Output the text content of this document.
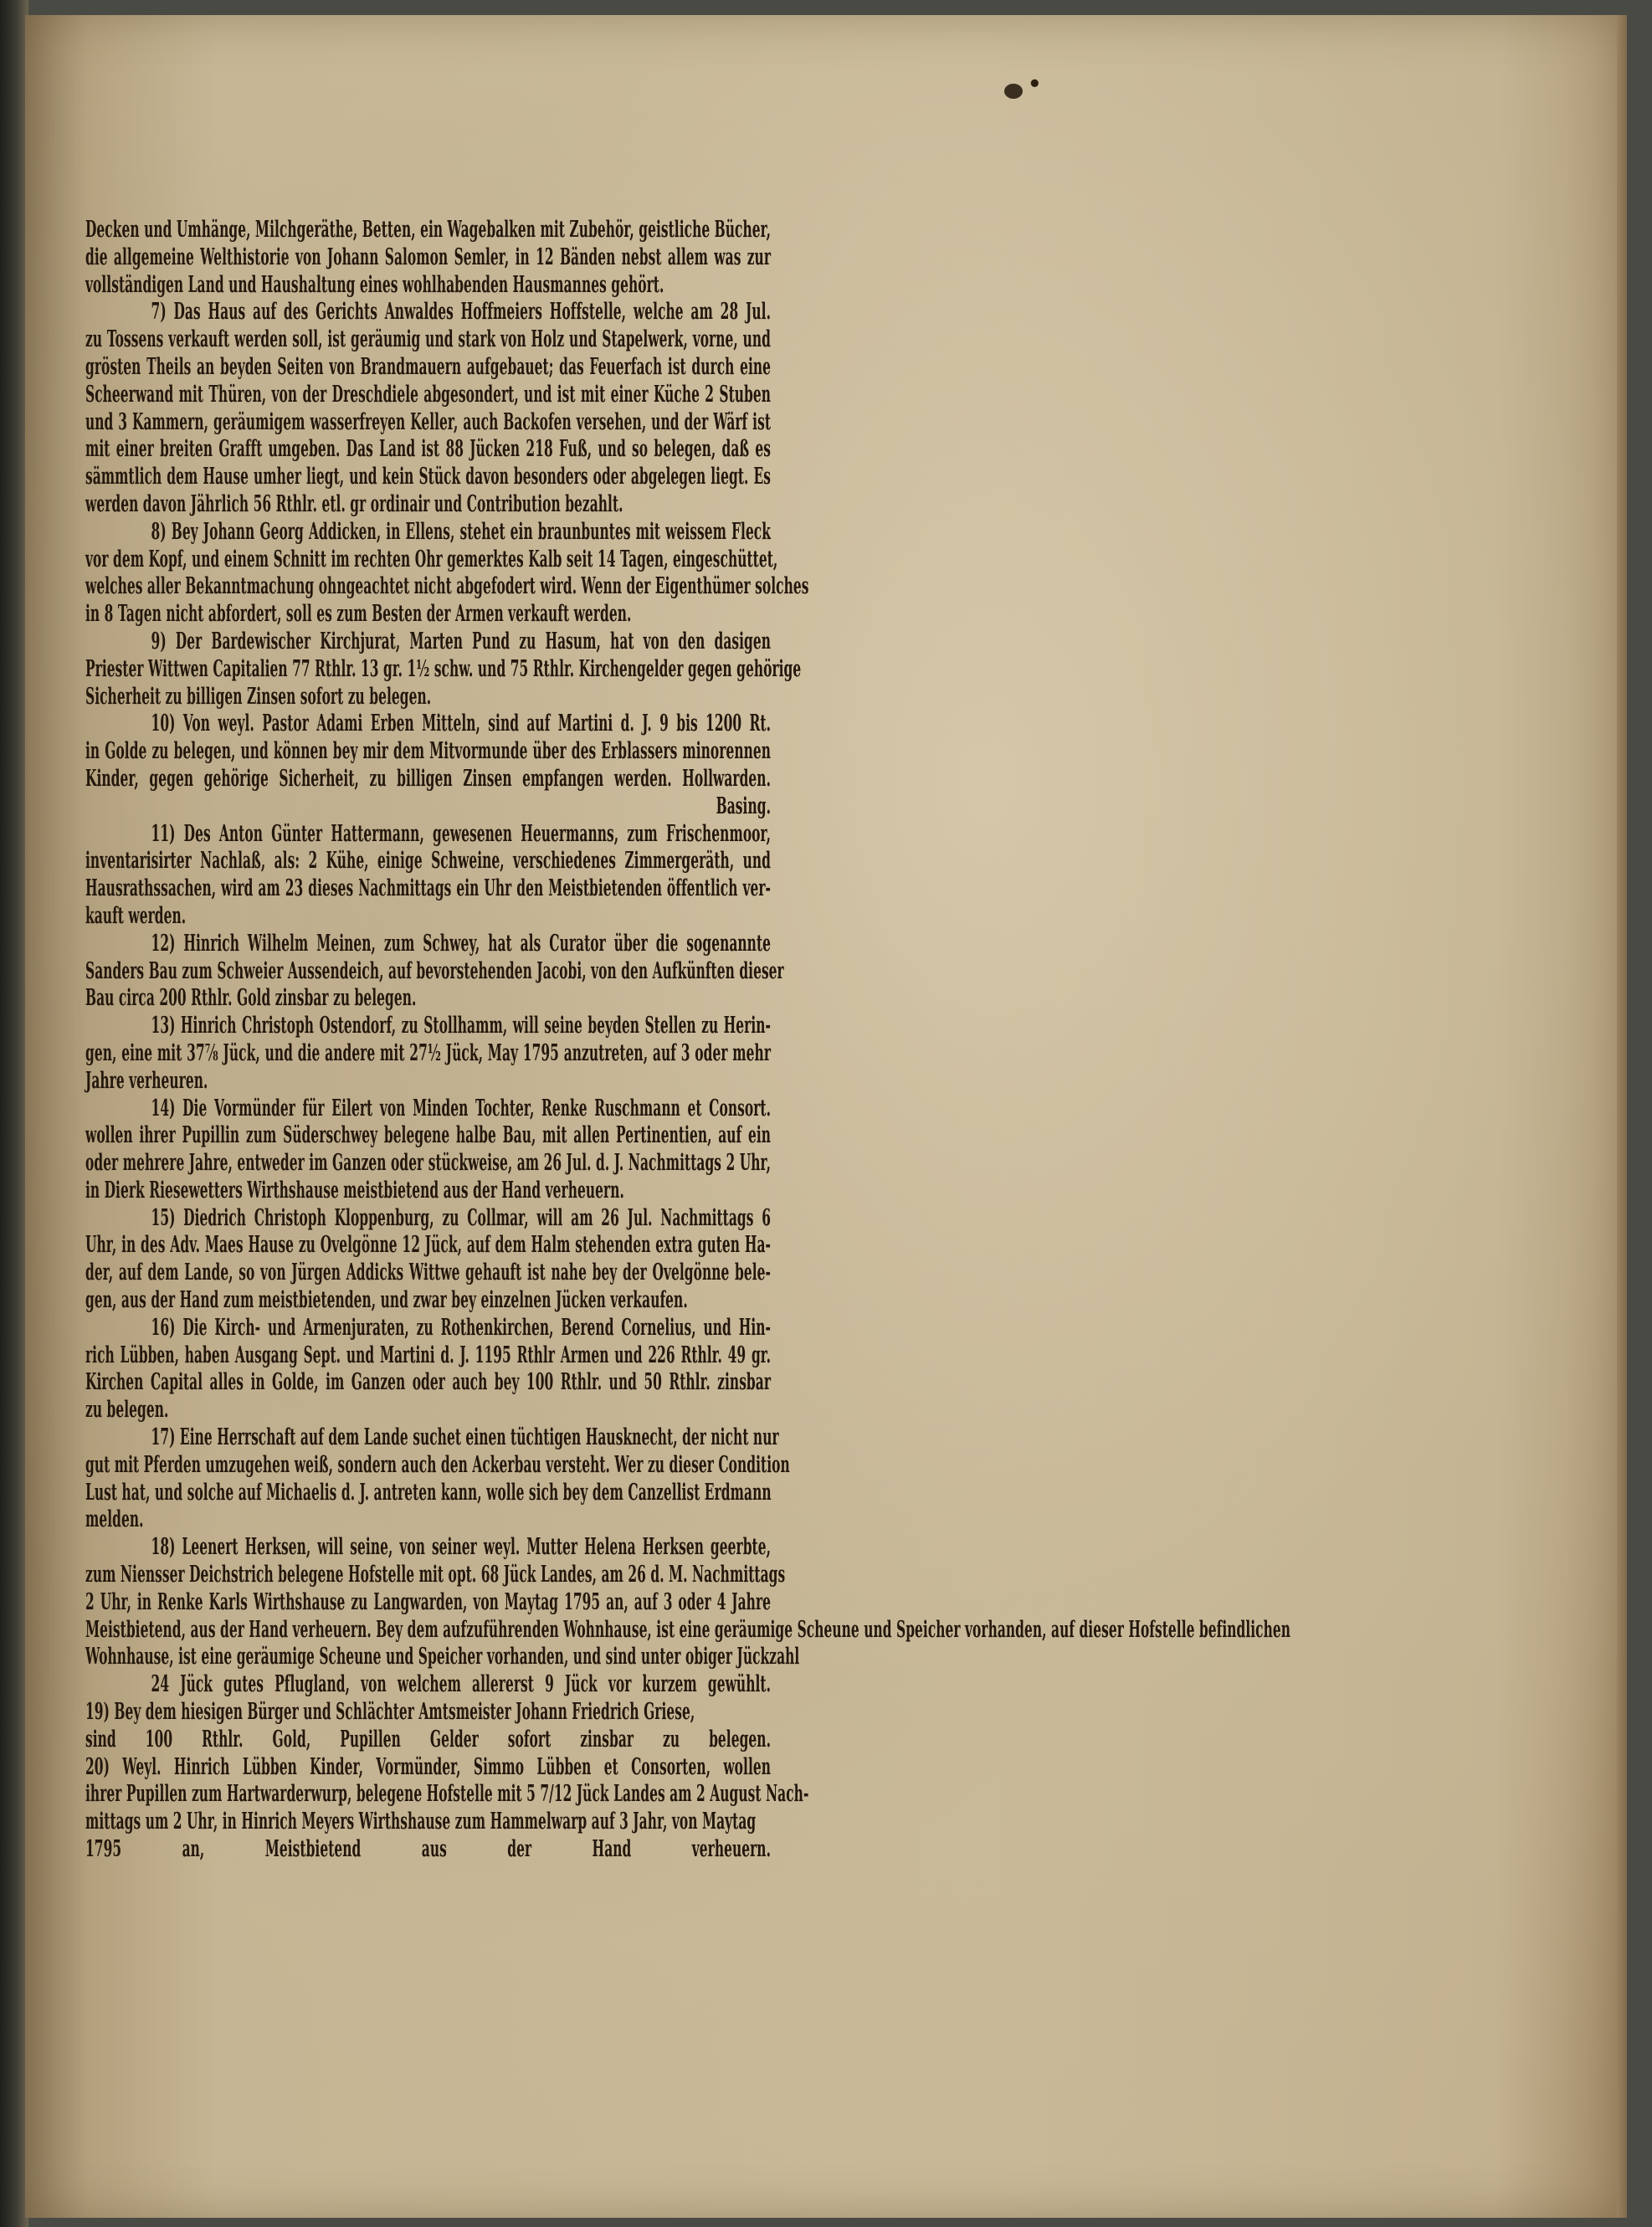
•
Decken und Umhänge, Milchgeräthe, Betten, ein Wagebalken mit Zubehör, geistliche Bücher,
die allgemeine Welthistorie von Johann Salomon Semler, in 12 Bänden nebst allem was zur
vollständigen Land und Haushaltung eines wohlhabenden Hausmannes gehört.
7) Das Haus auf des Gerichts Anwaldes Hoffmeiers Hoffstelle, welche am 28 Jul.
zu Tossens verkauft werden soll, ist geräumig und stark von Holz und Stapelwerk, vorne, und
grösten Theils an beyden Seiten von Brandmauern aufgebauet; das Feuerfach ist durch eine
Scheerwand mit Thüren, von der Dreschdiele abgesondert, und ist mit einer Küche 2 Stuben
und 3 Kammern, geräumigem wasserfreyen Keller, auch Backofen versehen, und der Wärf ist
mit einer breiten Grafft umgeben. Das Land ist 88 Jücken 218 Fuß, und so belegen, daß es
sämmtlich dem Hause umher liegt, und kein Stück davon besonders oder abgelegen liegt. Es
werden davon Jährlich 56 Rthlr. etl. gr ordinair und Contribution bezahlt.
8) Bey Johann Georg Addicken, in Ellens, stehet ein braunbuntes mit weissem Fleck
vor dem Kopf, und einem Schnitt im rechten Ohr gemerktes Kalb seit 14 Tagen, eingeschüttet,
welches aller Bekanntmachung ohngeachtet nicht abgefodert wird. Wenn der Eigenthümer solches
in 8 Tagen nicht abfordert, soll es zum Besten der Armen verkauft werden.
9) Der Bardewischer Kirchjurat, Marten Pund zu Hasum, hat von den dasigen
Priester Wittwen Capitalien 77 Rthlr. 13 gr. 1½ schw. und 75 Rthlr. Kirchengelder gegen gehörige
Sicherheit zu billigen Zinsen sofort zu belegen.
10) Von weyl. Pastor Adami Erben Mitteln, sind auf Martini d. J. 9 bis 1200 Rt.
in Golde zu belegen, und können bey mir dem Mitvormunde über des Erblassers minorennen
Kinder, gegen gehörige Sicherheit, zu billigen Zinsen empfangen werden. Hollwarden.
Basing.
11) Des Anton Günter Hattermann, gewesenen Heuermanns, zum Frischenmoor,
inventarisirter Nachlaß, als: 2 Kühe, einige Schweine, verschiedenes Zimmergeräth, und
Hausrathssachen, wird am 23 dieses Nachmittags ein Uhr den Meistbietenden öffentlich ver-
kauft werden.
12) Hinrich Wilhelm Meinen, zum Schwey, hat als Curator über die sogenannte
Sanders Bau zum Schweier Aussendeich, auf bevorstehenden Jacobi, von den Aufkünften dieser
Bau circa 200 Rthlr. Gold zinsbar zu belegen.
13) Hinrich Christoph Ostendorf, zu Stollhamm, will seine beyden Stellen zu Herin-
gen, eine mit 37⅞ Jück, und die andere mit 27½ Jück, May 1795 anzutreten, auf 3 oder mehr
Jahre verheuren.
14) Die Vormünder für Eilert von Minden Tochter, Renke Ruschmann et Consort.
wollen ihrer Pupillin zum Süderschwey belegene halbe Bau, mit allen Pertinentien, auf ein
oder mehrere Jahre, entweder im Ganzen oder stückweise, am 26 Jul. d. J. Nachmittags 2 Uhr,
in Dierk Riesewetters Wirthshause meistbietend aus der Hand verheuern.
15) Diedrich Christoph Kloppenburg, zu Collmar, will am 26 Jul. Nachmittags 6
Uhr, in des Adv. Maes Hause zu Ovelgönne 12 Jück, auf dem Halm stehenden extra guten Ha-
der, auf dem Lande, so von Jürgen Addicks Wittwe gehauft ist nahe bey der Ovelgönne bele-
gen, aus der Hand zum meistbietenden, und zwar bey einzelnen Jücken verkaufen.
16) Die Kirch- und Armenjuraten, zu Rothenkirchen, Berend Cornelius, und Hin-
rich Lübben, haben Ausgang Sept. und Martini d. J. 1195 Rthlr Armen und 226 Rthlr. 49 gr.
Kirchen Capital alles in Golde, im Ganzen oder auch bey 100 Rthlr. und 50 Rthlr. zinsbar
zu belegen.
17) Eine Herrschaft auf dem Lande suchet einen tüchtigen Hausknecht, der nicht nur
gut mit Pferden umzugehen weiß, sondern auch den Ackerbau versteht. Wer zu dieser Condition
Lust hat, und solche auf Michaelis d. J. antreten kann, wolle sich bey dem Canzellist Erdmann
melden.
18) Leenert Herksen, will seine, von seiner weyl. Mutter Helena Herksen geerbte,
zum Niensser Deichstrich belegene Hofstelle mit opt. 68 Jück Landes, am 26 d. M. Nachmittags
2 Uhr, in Renke Karls Wirthshause zu Langwarden, von Maytag 1795 an, auf 3 oder 4 Jahre
Meistbietend, aus der Hand verheuern. Bey dem aufzuführenden Wohnhause, ist eine geräumige Scheune und Speicher vorhanden, auf dieser Hofstelle befindlichen
Wohnhause, ist eine geräumige Scheune und Speicher vorhanden, und sind unter obiger Jückzahl
24 Jück gutes Pflugland, von welchem allererst 9 Jück vor kurzem gewühlt.
19) Bey dem hiesigen Bürger und Schlächter Amtsmeister Johann Friedrich Griese,
sind 100 Rthlr. Gold, Pupillen Gelder sofort zinsbar zu belegen.
20) Weyl. Hinrich Lübben Kinder, Vormünder, Simmo Lübben et Consorten, wollen
ihrer Pupillen zum Hartwarderwurp, belegene Hofstelle mit 5 7/12 Jück Landes am 2 August Nach-
mittags um 2 Uhr, in Hinrich Meyers Wirthshause zum Hammelwarp auf 3 Jahr, von Maytag
1795 an, Meistbietend aus der Hand verheuern.
